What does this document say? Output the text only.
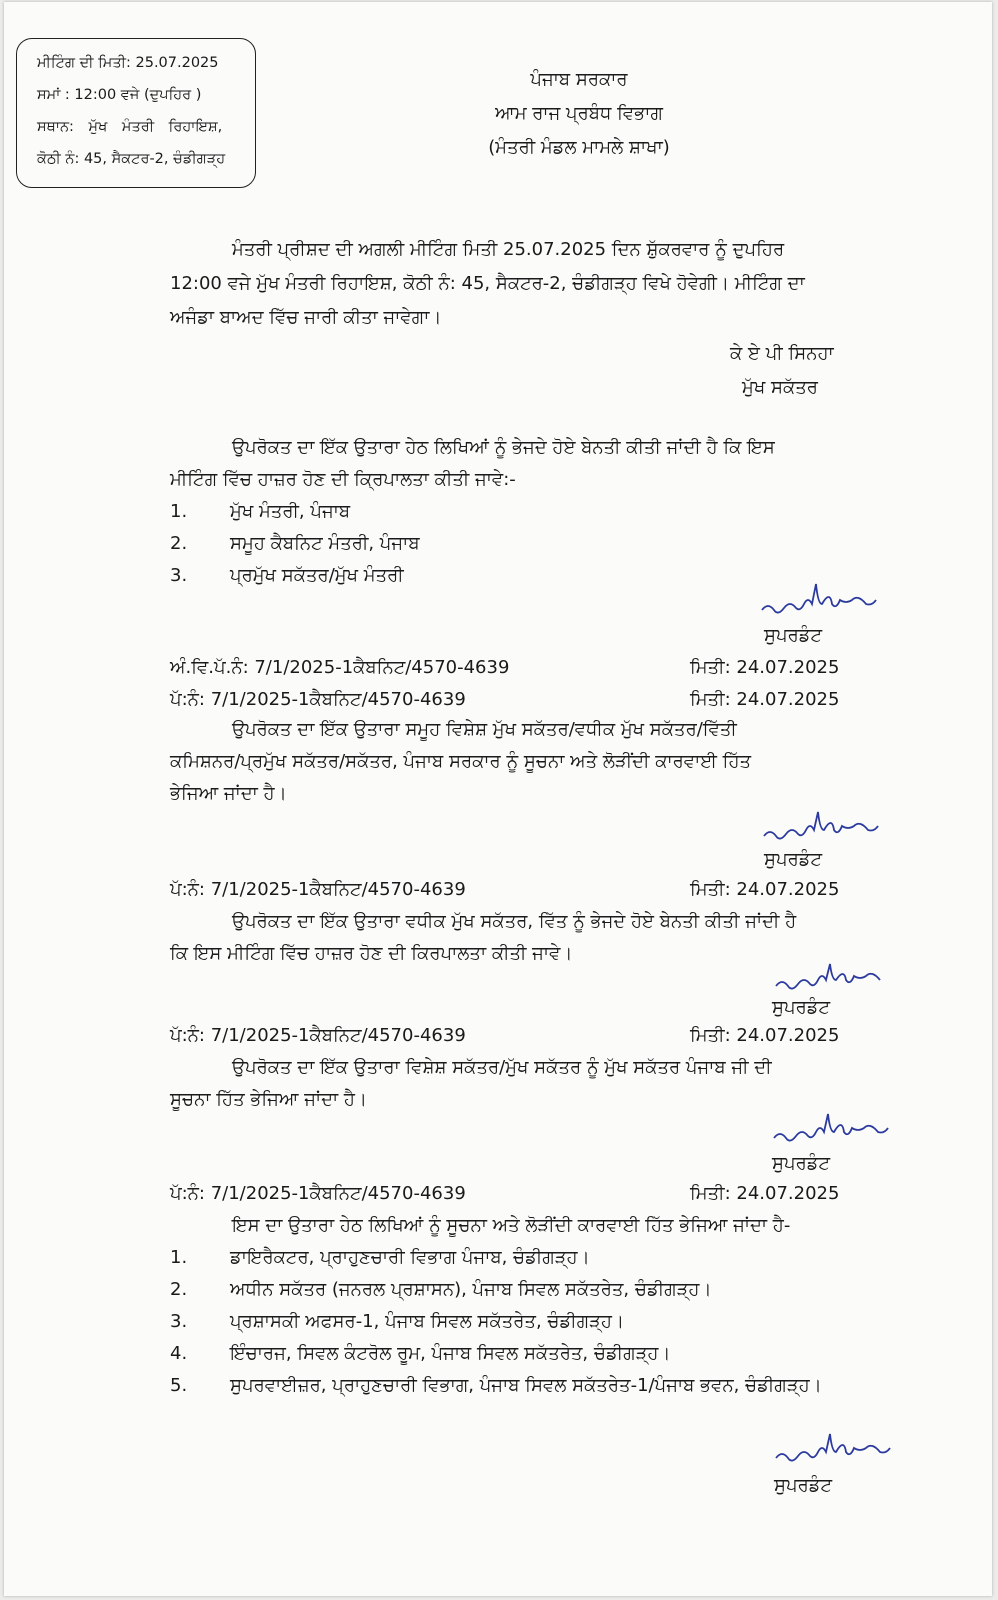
ਮੀਟਿੰਗ ਦੀ ਮਿਤੀ: 25.07.2025
ਸਮਾਂ : 12:00 ਵਜੇ (ਦੁਪਹਿਰ )
ਸਥਾਨ: ਮੁੱਖ ਮੰਤਰੀ ਰਿਹਾਇਸ਼,
ਕੋਠੀ ਨੰ: 45, ਸੈਕਟਰ-2, ਚੰਡੀਗੜ੍ਹ
ਪੰਜਾਬ ਸਰਕਾਰ
ਆਮ ਰਾਜ ਪ੍ਰਬੰਧ ਵਿਭਾਗ
(ਮੰਤਰੀ ਮੰਡਲ ਮਾਮਲੇ ਸ਼ਾਖਾ)
ਮੰਤਰੀ ਪ੍ਰੀਸ਼ਦ ਦੀ ਅਗਲੀ ਮੀਟਿੰਗ ਮਿਤੀ 25.07.2025 ਦਿਨ ਸ਼ੁੱਕਰਵਾਰ ਨੂੰ ਦੁਪਹਿਰ
12:00 ਵਜੇ ਮੁੱਖ ਮੰਤਰੀ ਰਿਹਾਇਸ਼, ਕੋਠੀ ਨੰ: 45, ਸੈਕਟਰ-2, ਚੰਡੀਗੜ੍ਹ ਵਿਖੇ ਹੋਵੇਗੀ। ਮੀਟਿੰਗ ਦਾ
ਅਜੰਡਾ ਬਾਅਦ ਵਿੱਚ ਜਾਰੀ ਕੀਤਾ ਜਾਵੇਗਾ।
ਕੇ ਏ ਪੀ ਸਿਨਹਾ
ਮੁੱਖ ਸਕੱਤਰ
ਉਪਰੋਕਤ ਦਾ ਇੱਕ ਉਤਾਰਾ ਹੇਠ ਲਿਖਿਆਂ ਨੂੰ ਭੇਜਦੇ ਹੋਏ ਬੇਨਤੀ ਕੀਤੀ ਜਾਂਦੀ ਹੈ ਕਿ ਇਸ
ਮੀਟਿੰਗ ਵਿੱਚ ਹਾਜ਼ਰ ਹੋਣ ਦੀ ਕ੍ਰਿਪਾਲਤਾ ਕੀਤੀ ਜਾਵੇ:-
1. ਮੁੱਖ ਮੰਤਰੀ, ਪੰਜਾਬ
2. ਸਮੂਹ ਕੈਬਨਿਟ ਮੰਤਰੀ, ਪੰਜਾਬ
3. ਪ੍ਰਮੁੱਖ ਸਕੱਤਰ/ਮੁੱਖ ਮੰਤਰੀ
ਸੁਪਰਡੰਟ
ਅੰ.ਵਿ.ਪੱ.ਨੰ: 7/1/2025-1ਕੈਬਨਿਟ/4570-4639	ਮਿਤੀ: 24.07.2025
ਪੱ:ਨੰ: 7/1/2025-1ਕੈਬਨਿਟ/4570-4639	ਮਿਤੀ: 24.07.2025
ਉਪਰੋਕਤ ਦਾ ਇੱਕ ਉਤਾਰਾ ਸਮੂਹ ਵਿਸ਼ੇਸ਼ ਮੁੱਖ ਸਕੱਤਰ/ਵਧੀਕ ਮੁੱਖ ਸਕੱਤਰ/ਵਿੱਤੀ
ਕਮਿਸ਼ਨਰ/ਪ੍ਰਮੁੱਖ ਸਕੱਤਰ/ਸਕੱਤਰ, ਪੰਜਾਬ ਸਰਕਾਰ ਨੂੰ ਸੂਚਨਾ ਅਤੇ ਲੋੜੀਂਦੀ ਕਾਰਵਾਈ ਹਿੱਤ
ਭੇਜਿਆ ਜਾਂਦਾ ਹੈ।
ਸੁਪਰਡੰਟ
ਪੱ:ਨੰ: 7/1/2025-1ਕੈਬਨਿਟ/4570-4639	ਮਿਤੀ: 24.07.2025
ਉਪਰੋਕਤ ਦਾ ਇੱਕ ਉਤਾਰਾ ਵਧੀਕ ਮੁੱਖ ਸਕੱਤਰ, ਵਿੱਤ ਨੂੰ ਭੇਜਦੇ ਹੋਏ ਬੇਨਤੀ ਕੀਤੀ ਜਾਂਦੀ ਹੈ
ਕਿ ਇਸ ਮੀਟਿੰਗ ਵਿੱਚ ਹਾਜ਼ਰ ਹੋਣ ਦੀ ਕਿਰਪਾਲਤਾ ਕੀਤੀ ਜਾਵੇ।
ਸੁਪਰਡੰਟ
ਪੱ:ਨੰ: 7/1/2025-1ਕੈਬਨਿਟ/4570-4639	ਮਿਤੀ: 24.07.2025
ਉਪਰੋਕਤ ਦਾ ਇੱਕ ਉਤਾਰਾ ਵਿਸ਼ੇਸ਼ ਸਕੱਤਰ/ਮੁੱਖ ਸਕੱਤਰ ਨੂੰ ਮੁੱਖ ਸਕੱਤਰ ਪੰਜਾਬ ਜੀ ਦੀ
ਸੂਚਨਾ ਹਿੱਤ ਭੇਜਿਆ ਜਾਂਦਾ ਹੈ।
ਸੁਪਰਡੰਟ
ਪੱ:ਨੰ: 7/1/2025-1ਕੈਬਨਿਟ/4570-4639	ਮਿਤੀ: 24.07.2025
ਇਸ ਦਾ ਉਤਾਰਾ ਹੇਠ ਲਿਖਿਆਂ ਨੂੰ ਸੂਚਨਾ ਅਤੇ ਲੋੜੀਂਦੀ ਕਾਰਵਾਈ ਹਿੱਤ ਭੇਜਿਆ ਜਾਂਦਾ ਹੈ-
1. ਡਾਇਰੈਕਟਰ, ਪ੍ਰਾਹੁਣਚਾਰੀ ਵਿਭਾਗ ਪੰਜਾਬ, ਚੰਡੀਗੜ੍ਹ।
2. ਅਧੀਨ ਸਕੱਤਰ (ਜਨਰਲ ਪ੍ਰਸ਼ਾਸਨ), ਪੰਜਾਬ ਸਿਵਲ ਸਕੱਤਰੇਤ, ਚੰਡੀਗੜ੍ਹ।
3. ਪ੍ਰਸ਼ਾਸਕੀ ਅਫਸਰ-1, ਪੰਜਾਬ ਸਿਵਲ ਸਕੱਤਰੇਤ, ਚੰਡੀਗੜ੍ਹ।
4. ਇੰਚਾਰਜ, ਸਿਵਲ ਕੰਟਰੋਲ ਰੂਮ, ਪੰਜਾਬ ਸਿਵਲ ਸਕੱਤਰੇਤ, ਚੰਡੀਗੜ੍ਹ।
5. ਸੁਪਰਵਾਈਜ਼ਰ, ਪ੍ਰਾਹੁਣਚਾਰੀ ਵਿਭਾਗ, ਪੰਜਾਬ ਸਿਵਲ ਸਕੱਤਰੇਤ-1/ਪੰਜਾਬ ਭਵਨ, ਚੰਡੀਗੜ੍ਹ।
ਸੁਪਰਡੰਟ
